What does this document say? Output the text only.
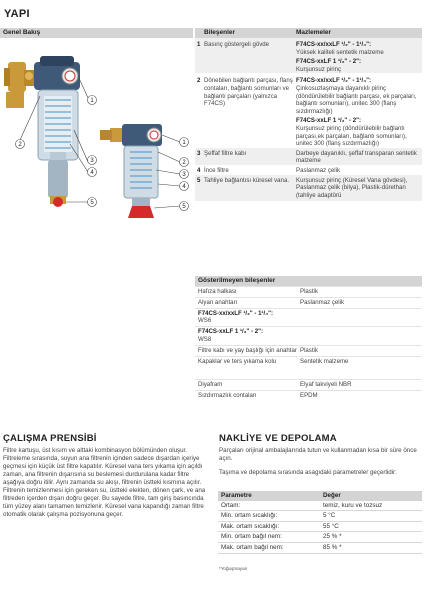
YAPI
Genel Bakış
1
2
3
4
5
1
2
3
4
5
Bileşenler	Mazlemeler
1 Basınç göstergeli gövde	F74CS-xx/xxLF ¹/₂" - 1¹/₄":
Yüksek kaliteli sentetik malzeme
F74CS-xxLF 1 ¹/₂" - 2":
Kurşunsuz pirinç
2 Dönebilen bağlantı parçası, flanş contaları, bağlantı somunları ve bağlantı parçaları (yalnızca F74CS)
F74CS-xx/xxLF ¹/₂" - 1¹/₄":
Çinkosuzlaşmaya dayanıklı pirinç (döndürülebilir bağlantı parçası, ek parçaları, bağlantı somunları), unitec 300 (flanş sızdırmazlığı)
F74CS-xxLF 1 ¹/₂" - 2":
Kurşunsuz pirinç (döndürülebilir bağlantı parçası,ek parçaları, bağlantı somunları), unitec 300 (flanş sızdırmazlığı)
3 Şeffaf filtre kabı	Darbeye dayanıklı, şeffaf transparan sentetik malzeme
4 İnce filtre	Paslanmaz çelik
5 Tahliye bağlantısı küresel vana.	Kurşunsuz pirinç (Küresel Vana gövdesi), Paslanmaz çelik (bilya), Plastik-dürethan (tahliye adaptörü
Gösterilmeyen bileşenler
Hafıza halkası	Plastik
Alyan anahtarı	Paslanmaz çelik
F74CS-xx/xxLF ¹/₂" - 1¹/₄":
WS6
F74CS-xxLF 1 ¹/₂" - 2":
WS8
Filtre kabı ve yay başlığı için anahtar Plastik
Kapaklar ve ters yıkama kolu	Sentetik malzeme
Diyafram	Elyaf takviyeli NBR
Sızdırmazlık contaları	EPDM
ÇALIŞMA PRENSİBİ
Filtre kartuşu, üst kısım ve alttaki kombinasyon bölümünden oluşur. Filtreleme sırasında, suyun ana filtrenin içinden sadece dışardan içeriye geçmesi için küçük üst filtre kapatılır. Küresel vana ters yıkama için açıldı zaman, ana filtrenin dışarısına su beslemesi durdurulana kadar filtre aşağıya doğru itilir. Aynı zamanda su akışı, filtrenin üstteki kısmına açılır. Filtrenin temizlenmesi için gereken su, üstteki elekten, dönen çark, ve ana filtreden içerden dışarı doğru geçer. Bu sayede filtre, tam giriş basıncında tüm yüzey alanı tamamen temizlenir. Küresel vana kapandığı zaman filtre otomatik olarak çalışma pozisyonuna geçer.
NAKLİYE VE DEPOLAMA
Parçaları orijinal ambalajlarında tutun ve kullanmadan kısa bir süre önce açın.
Taşıma ve depolama sırasında asagıdaki parametreler geçerlidir:
Parametre	Değer
Ortam:	temiz, kuru ve tozsuz
Min. ortam sıcaklığı:	5 °C
Mak. ortam sıcaklığı:	55 °C
Min. ortam bağıl nem:	25 % *
Mak. ortam bağıl nem:	85 % *
*Yoğuşmayan
